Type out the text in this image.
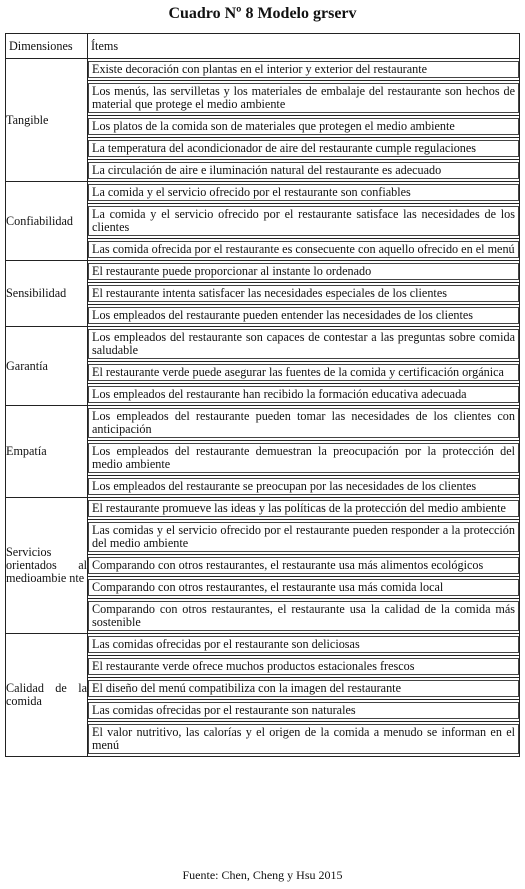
Cuadro Nº 8 Modelo grserv
Dimensiones	Ítems

Tangible	Existe decoración con plantas en el interior y exterior del restaurante

	Los menús, las servilletas y los materiales de embalaje del restaurante son hechos de material que protege el medio ambiente

	Los platos de la comida son de materiales que protegen el medio ambiente

	La temperatura del acondicionador de aire del restaurante cumple regulaciones

	La circulación de aire e iluminación natural del restaurante es adecuado

Confiabilidad	La comida y el servicio ofrecido por el restaurante son confiables

	La comida y el servicio ofrecido por el restaurante satisface las necesidades de los clientes

	Las comida ofrecida por el restaurante es consecuente con aquello ofrecido en el menú

Sensibilidad	El restaurante puede proporcionar al instante lo ordenado

	El restaurante intenta satisfacer las necesidades especiales de los clientes

	Los empleados del restaurante pueden entender las necesidades de los clientes

Garantía	Los empleados del restaurante son capaces de contestar a las preguntas sobre comida saludable

	El restaurante verde puede asegurar las fuentes de la comida y certificación orgánica

	Los empleados del restaurante han recibido la formación educativa adecuada

Empatía	Los empleados del restaurante pueden tomar las necesidades de los clientes con anticipación

	Los empleados del restaurante demuestran la preocupación por la protección del medio ambiente

	Los empleados del restaurante se preocupan por las necesidades de los clientes

Servicios orientados al medioambie nte	El restaurante promueve las ideas y las políticas de la protección del medio ambiente

	Las comidas y el servicio ofrecido por el restaurante pueden responder a la protección del medio ambiente

	Comparando con otros restaurantes, el restaurante usa más alimentos ecológicos

	Comparando con otros restaurantes, el restaurante usa más comida local

	Comparando con otros restaurantes, el restaurante usa la calidad de la comida más sostenible

Calidad de la comida	Las comidas ofrecidas por el restaurante son deliciosas

	El restaurante verde ofrece muchos productos estacionales frescos

	El diseño del menú compatibiliza con la imagen del restaurante

	Las comidas ofrecidas por el restaurante son naturales

	El valor nutritivo, las calorías y el origen de la comida a menudo se informan en el menú
Fuente: Chen, Cheng y Hsu 2015
